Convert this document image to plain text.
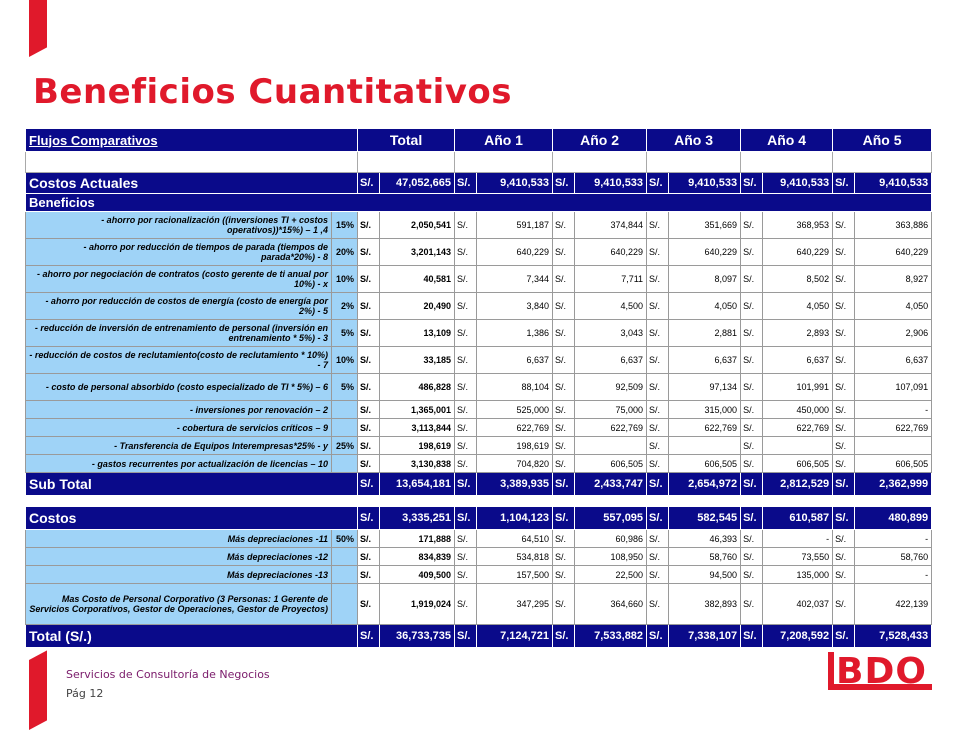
Beneficios Cuantitativos
Flujos Comparativos		Total		Año 1		Año 2		Año 3		Año 4		Año 5	

Costos Actuales		S/.	47,052,665	S/.	9,410,533	S/.	9,410,533	S/.	9,410,533	S/.	9,410,533	S/.	9,410,533
Beneficios													
- ahorro por racionalización ((inversiones TI + costos operativos))*15%) – 1 ,4	15%	S/.	2,050,541	S/.	591,187	S/.	374,844	S/.	351,669	S/.	368,953	S/.	363,886
- ahorro por reducción de tiempos de parada (tiempos de parada*20%) - 8	20%	S/.	3,201,143	S/.	640,229	S/.	640,229	S/.	640,229	S/.	640,229	S/.	640,229
- ahorro por negociación de contratos (costo gerente de ti anual por 10%) - x	10%	S/.	40,581	S/.	7,344	S/.	7,711	S/.	8,097	S/.	8,502	S/.	8,927
- ahorro por reducción de costos de energía (costo de energía por 2%) - 5	2%	S/.	20,490	S/.	3,840	S/.	4,500	S/.	4,050	S/.	4,050	S/.	4,050
- reducción de inversión de entrenamiento de personal (inversión en entrenamiento * 5%) - 3	5%	S/.	13,109	S/.	1,386	S/.	3,043	S/.	2,881	S/.	2,893	S/.	2,906
- reducción de costos de reclutamiento(costo de reclutamiento * 10%) - 7	10%	S/.	33,185	S/.	6,637	S/.	6,637	S/.	6,637	S/.	6,637	S/.	6,637
- costo de personal absorbido (costo especializado de TI * 5%) – 6	5%	S/.	486,828	S/.	88,104	S/.	92,509	S/.	97,134	S/.	101,991	S/.	107,091
- inversiones por renovación – 2		S/.	1,365,001	S/.	525,000	S/.	75,000	S/.	315,000	S/.	450,000	S/.	-
- cobertura de servicios críticos – 9		S/.	3,113,844	S/.	622,769	S/.	622,769	S/.	622,769	S/.	622,769	S/.	622,769
- Transferencia de Equipos Interempresas*25% - y	25%	S/.	198,619	S/.	198,619	S/.		S/.		S/.		S/.	
- gastos recurrentes por actualización de licencias – 10		S/.	3,130,838	S/.	704,820	S/.	606,505	S/.	606,505	S/.	606,505	S/.	606,505
Sub Total		S/.	13,654,181	S/.	3,389,935	S/.	2,433,747	S/.	2,654,972	S/.	2,812,529	S/.	2,362,999

Costos		S/.	3,335,251	S/.	1,104,123	S/.	557,095	S/.	582,545	S/.	610,587	S/.	480,899
Más depreciaciones -11	50%	S/.	171,888	S/.	64,510	S/.	60,986	S/.	46,393	S/.	-	S/.	-
Más depreciaciones -12		S/.	834,839	S/.	534,818	S/.	108,950	S/.	58,760	S/.	73,550	S/.	58,760
Más depreciaciones -13		S/.	409,500	S/.	157,500	S/.	22,500	S/.	94,500	S/.	135,000	S/.	-
Mas Costo de Personal Corporativo (3 Personas: 1 Gerente de Servicios Corporativos, Gestor de Operaciones, Gestor de Proyectos)		S/.	1,919,024	S/.	347,295	S/.	364,660	S/.	382,893	S/.	402,037	S/.	422,139
Total (S/.)		S/.	36,733,735	S/.	7,124,721	S/.	7,533,882	S/.	7,338,107	S/.	7,208,592	S/.	7,528,433
Servicios de Consultoría de Negocios
Pág 12
BDO
